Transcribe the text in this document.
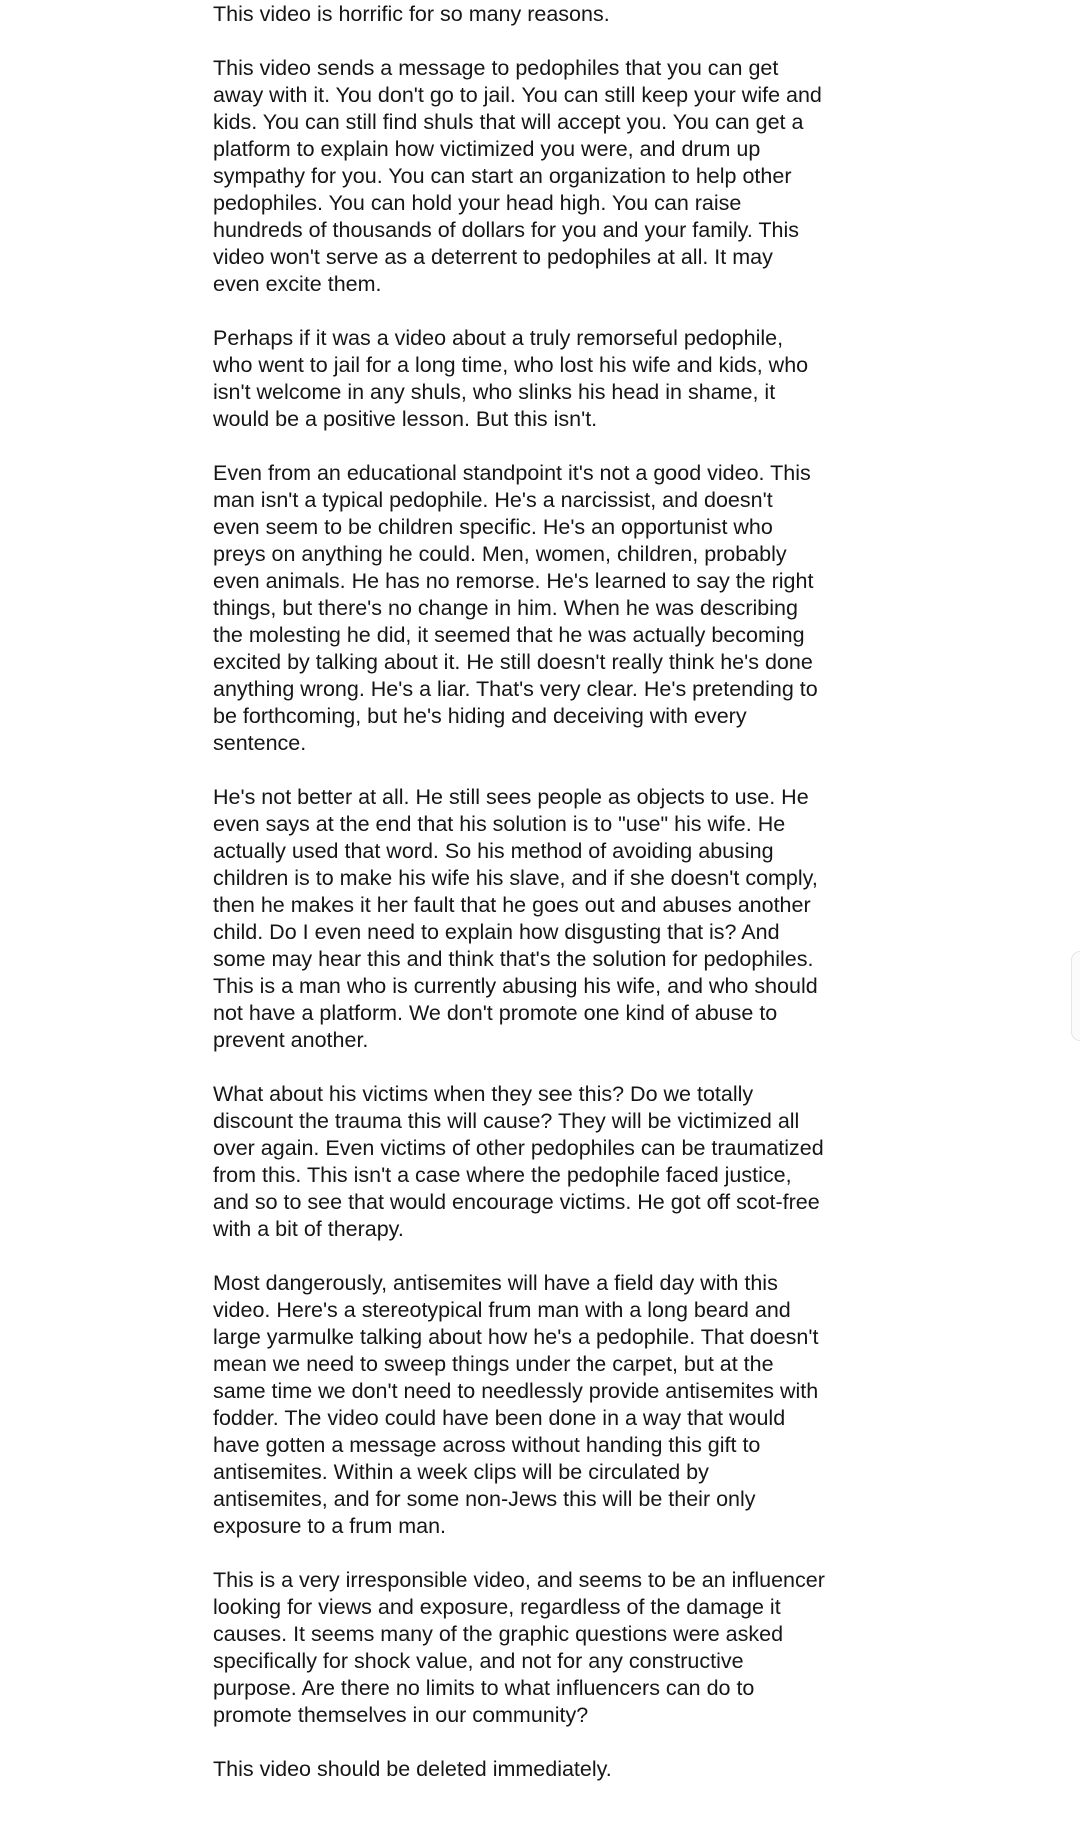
This video is horrific for so many reasons.

This video sends a message to pedophiles that you can get
away with it. You don't go to jail. You can still keep your wife and
kids. You can still find shuls that will accept you. You can get a
platform to explain how victimized you were, and drum up
sympathy for you. You can start an organization to help other
pedophiles. You can hold your head high. You can raise
hundreds of thousands of dollars for you and your family. This
video won't serve as a deterrent to pedophiles at all. It may
even excite them.

Perhaps if it was a video about a truly remorseful pedophile,
who went to jail for a long time, who lost his wife and kids, who
isn't welcome in any shuls, who slinks his head in shame, it
would be a positive lesson. But this isn't.

Even from an educational standpoint it's not a good video. This
man isn't a typical pedophile. He's a narcissist, and doesn't
even seem to be children specific. He's an opportunist who
preys on anything he could. Men, women, children, probably
even animals. He has no remorse. He's learned to say the right
things, but there's no change in him. When he was describing
the molesting he did, it seemed that he was actually becoming
excited by talking about it. He still doesn't really think he's done
anything wrong. He's a liar. That's very clear. He's pretending to
be forthcoming, but he's hiding and deceiving with every
sentence.

He's not better at all. He still sees people as objects to use. He
even says at the end that his solution is to "use" his wife. He
actually used that word. So his method of avoiding abusing
children is to make his wife his slave, and if she doesn't comply,
then he makes it her fault that he goes out and abuses another
child. Do I even need to explain how disgusting that is? And
some may hear this and think that's the solution for pedophiles.
This is a man who is currently abusing his wife, and who should
not have a platform. We don't promote one kind of abuse to
prevent another.

What about his victims when they see this? Do we totally
discount the trauma this will cause? They will be victimized all
over again. Even victims of other pedophiles can be traumatized
from this. This isn't a case where the pedophile faced justice,
and so to see that would encourage victims. He got off scot-free
with a bit of therapy.

Most dangerously, antisemites will have a field day with this
video. Here's a stereotypical frum man with a long beard and
large yarmulke talking about how he's a pedophile. That doesn't
mean we need to sweep things under the carpet, but at the
same time we don't need to needlessly provide antisemites with
fodder. The video could have been done in a way that would
have gotten a message across without handing this gift to
antisemites. Within a week clips will be circulated by
antisemites, and for some non-Jews this will be their only
exposure to a frum man.

This is a very irresponsible video, and seems to be an influencer
looking for views and exposure, regardless of the damage it
causes. It seems many of the graphic questions were asked
specifically for shock value, and not for any constructive
purpose. Are there no limits to what influencers can do to
promote themselves in our community?

This video should be deleted immediately.
